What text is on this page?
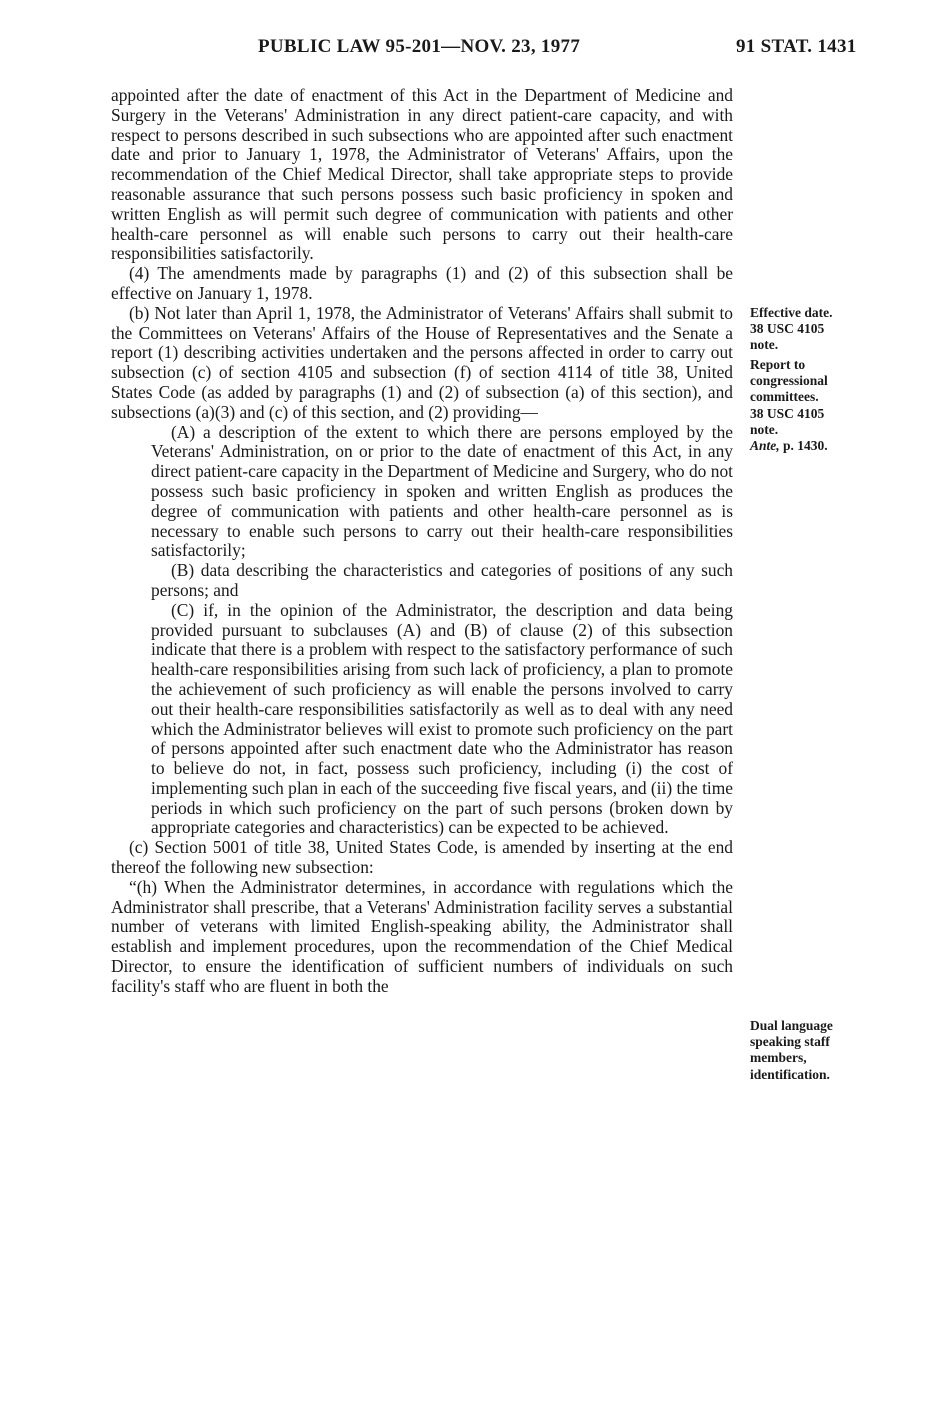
PUBLIC LAW 95-201—NOV. 23, 1977	91 STAT. 1431

appointed after the date of enactment of this Act in the Department of Medicine and Surgery in the Veterans' Administration in any direct patient-care capacity, and with respect to persons described in such subsections who are appointed after such enactment date and prior to January 1, 1978, the Administrator of Veterans' Affairs, upon the recommendation of the Chief Medical Director, shall take appropriate steps to provide reasonable assurance that such persons possess such basic proficiency in spoken and written English as will permit such degree of communication with patients and other health-care personnel as will enable such persons to carry out their health-care responsibilities satisfactorily.

(4) The amendments made by paragraphs (1) and (2) of this subsection shall be effective on January 1, 1978.

(b) Not later than April 1, 1978, the Administrator of Veterans' Affairs shall submit to the Committees on Veterans' Affairs of the House of Representatives and the Senate a report (1) describing activities undertaken and the persons affected in order to carry out subsection (c) of section 4105 and subsection (f) of section 4114 of title 38, United States Code (as added by paragraphs (1) and (2) of subsection (a) of this section), and subsections (a)(3) and (c) of this section, and (2) providing—

(A) a description of the extent to which there are persons employed by the Veterans' Administration, on or prior to the date of enactment of this Act, in any direct patient-care capacity in the Department of Medicine and Surgery, who do not possess such basic proficiency in spoken and written English as produces the degree of communication with patients and other health-care personnel as is necessary to enable such persons to carry out their health-care responsibilities satisfactorily;

(B) data describing the characteristics and categories of positions of any such persons; and

(C) if, in the opinion of the Administrator, the description and data being provided pursuant to subclauses (A) and (B) of clause (2) of this subsection indicate that there is a problem with respect to the satisfactory performance of such health-care responsibilities arising from such lack of proficiency, a plan to promote the achievement of such proficiency as will enable the persons involved to carry out their health-care responsibilities satisfactorily as well as to deal with any need which the Administrator believes will exist to promote such proficiency on the part of persons appointed after such enactment date who the Administrator has reason to believe do not, in fact, possess such proficiency, including (i) the cost of implementing such plan in each of the succeeding five fiscal years, and (ii) the time periods in which such proficiency on the part of such persons (broken down by appropriate categories and characteristics) can be expected to be achieved.

(c) Section 5001 of title 38, United States Code, is amended by inserting at the end thereof the following new subsection:

“(h) When the Administrator determines, in accordance with regulations which the Administrator shall prescribe, that a Veterans' Administration facility serves a substantial number of veterans with limited English-speaking ability, the Administrator shall establish and implement procedures, upon the recommendation of the Chief Medical Director, to ensure the identification of sufficient numbers of individuals on such facility's staff who are fluent in both the

Effective date.
38 USC 4105
note.
Report to congressional committees.
38 USC 4105
note.
Ante, p. 1430.
Dual language speaking staff members, identification.
